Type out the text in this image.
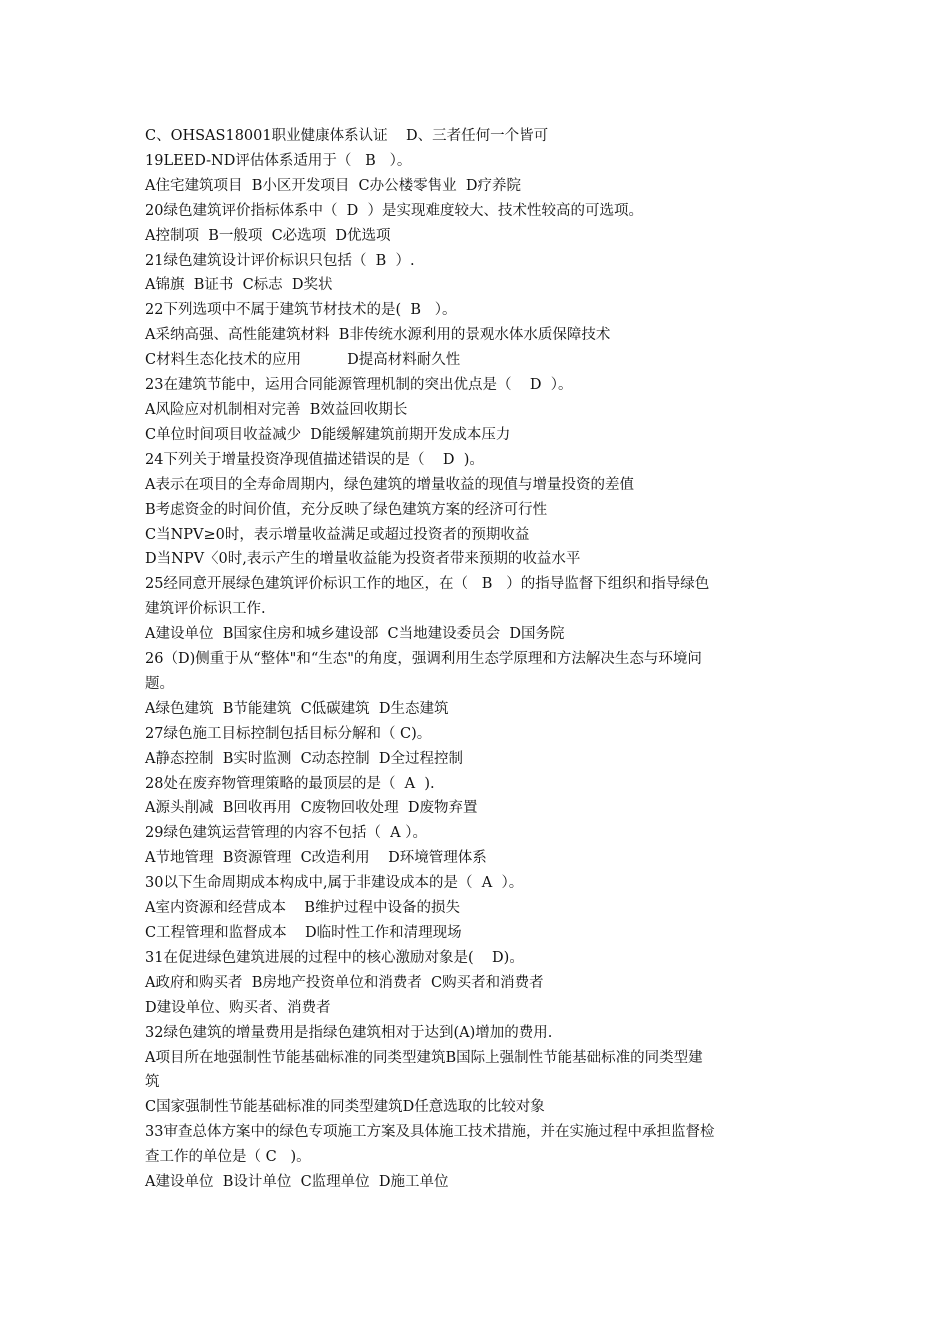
C、OHSAS18001职业健康体系认证    D、三者任何一个皆可
19LEED-ND评估体系适用于（   B   ）。
A住宅建筑项目  B小区开发项目  C办公楼零售业  D疗养院
20绿色建筑评价指标体系中（  D  ）是实现难度较大、技术性较高的可选项。
A控制项  B一般项  C必选项  D优选项
21绿色建筑设计评价标识只包括（  B  ）.
A锦旗  B证书  C标志  D奖状
22下列选项中不属于建筑节材技术的是(  B   ）。
A采纳高强、高性能建筑材料  B非传统水源利用的景观水体水质保障技术
C材料生态化技术的应用          D提高材料耐久性
23在建筑节能中，运用合同能源管理机制的突出优点是（    D  ）。
A风险应对机制相对完善  B效益回收期长
C单位时间项目收益减少  D能缓解建筑前期开发成本压力
24下列关于增量投资净现值描述错误的是（    D  )。
A表示在项目的全寿命周期内，绿色建筑的增量收益的现值与增量投资的差值
B考虑资金的时间价值，充分反映了绿色建筑方案的经济可行性
C当NPV≥0时，表示增量收益满足或超过投资者的预期收益
D当NPV〈0时,表示产生的增量收益能为投资者带来预期的收益水平
25经同意开展绿色建筑评价标识工作的地区，在（   B   ）的指导监督下组织和指导绿色
建筑评价标识工作.
A建设单位  B国家住房和城乡建设部  C当地建设委员会  D国务院
26（D)侧重于从“整体"和“生态"的角度，强调利用生态学原理和方法解决生态与环境问
题。
A绿色建筑  B节能建筑  C低碳建筑  D生态建筑
27绿色施工目标控制包括目标分解和（ C)。
A静态控制  B实时监测  C动态控制  D全过程控制
28处在废弃物管理策略的最顶层的是（  A  ).
A源头削减  B回收再用  C废物回收处理  D废物弃置
29绿色建筑运营管理的内容不包括（  A ）。
A节地管理  B资源管理  C改造利用    D环境管理体系
30以下生命周期成本构成中,属于非建设成本的是（  A  ）。
A室内资源和经营成本    B维护过程中设备的损失
C工程管理和监督成本    D临时性工作和清理现场
31在促进绿色建筑进展的过程中的核心激励对象是(    D)。
A政府和购买者  B房地产投资单位和消费者  C购买者和消费者
D建设单位、购买者、消费者
32绿色建筑的增量费用是指绿色建筑相对于达到(A)增加的费用.
A项目所在地强制性节能基础标准的同类型建筑B国际上强制性节能基础标准的同类型建
筑
C国家强制性节能基础标准的同类型建筑D任意选取的比较对象
33审查总体方案中的绿色专项施工方案及具体施工技术措施，并在实施过程中承担监督检
查工作的单位是（ C   )。
A建设单位  B设计单位  C监理单位  D施工单位
